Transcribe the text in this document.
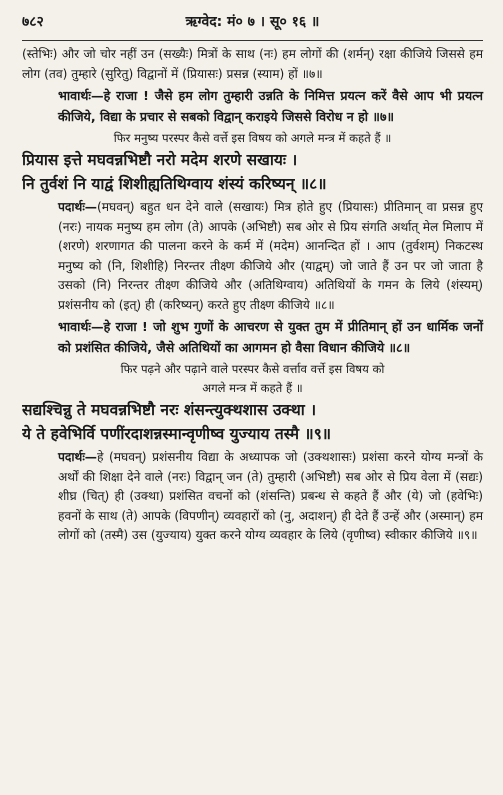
७८२	ऋग्वेद: मं० ७ । सू० १६ ॥

(स्तेभिः) और जो चोर नहीं उन (सख्यैः) मित्रों के साथ (नः) हम लोगों की (शर्मन्) रक्षा कीजिये जिससे हम लोग (तव) तुम्हारे (सुरितु) विद्वानों में (प्रियासः) प्रसन्न (स्याम) हों ॥७॥

भावार्थः—हे राजा ! जैसे हम लोग तुम्हारी उन्नति के निमित्त प्रयत्न करें वैसे आप भी प्रयत्न कीजिये, विद्या के प्रचार से सबको विद्वान् कराइये जिससे विरोध न हो ॥७॥

फिर मनुष्य परस्पर कैसे वर्त्ते इस विषय को अगले मन्त्र में कहते हैं ॥

प्रियास इत्ते मघवन्नभिष्टौ नरो मदेम शरणे सखायः ।

नि तुर्वशं नि याद्वं शिशीह्यतिथिग्वाय शंस्यं करिष्यन् ॥८॥

पदार्थः—(मघवन्) बहुत धन देने वाले (सखायः) मित्र होते हुए (प्रियासः) प्रीतिमान् वा प्रसन्न हुए (नरः) नायक मनुष्य हम लोग (ते) आपके (अभिष्टौ) सब ओर से प्रिय संगति अर्थात् मेल मिलाप में (शरणे) शरणागत की पालना करने के कर्म में (मदेम) आनन्दित हों । आप (तुर्वशम्) निकटस्थ मनुष्य को (नि, शिशीहि) निरन्तर तीक्ष्ण कीजिये और (याद्वम्) जो जाते हैं उन पर जो जाता है उसको (नि) निरन्तर तीक्ष्ण कीजिये और (अतिथिग्वाय) अतिथियों के गमन के लिये (शंस्यम्) प्रशंसनीय को (इत्) ही (करिष्यन्) करते हुए तीक्ष्ण कीजिये ॥८॥

भावार्थः—हे राजा ! जो शुभ गुणों के आचरण से युक्त तुम में प्रीतिमान् हों उन धार्मिक जनों को प्रशंसित कीजिये, जैसे अतिथियों का आगमन हो वैसा विधान कीजिये ॥८॥

फिर पढ़ने और पढ़ाने वाले परस्पर कैसे वर्त्ताव वर्त्ते इस विषय को

अगले मन्त्र में कहते हैं ॥

सद्यश्चिन्नु ते मघवन्नभिष्टौ नरः शंसन्त्युक्थशास उक्था ।

ये ते हवेभिर्वि पणींरदाशन्नस्मान्वृणीष्व युज्याय तस्मै ॥९॥

पदार्थः—हे (मघवन्) प्रशंसनीय विद्या के अध्यापक जो (उक्थशासः) प्रशंसा करने योग्य मन्त्रों के अर्थों की शिक्षा देने वाले (नरः) विद्वान् जन (ते) तुम्हारी (अभिष्टौ) सब ओर से प्रिय वेला में (सद्यः) शीघ्र (चित्) ही (उक्था) प्रशंसित वचनों को (शंसन्ति) प्रबन्ध से कहते हैं और (ये) जो (हवेभिः) हवनों के साथ (ते) आपके (विपणीन्) व्यवहारों को (नु, अदाशन्) ही देते हैं उन्हें और (अस्मान्) हम लोगों को (तस्मै) उस (युज्याय) युक्त करने योग्य व्यवहार के लिये (वृणीष्व) स्वीकार कीजिये ॥९॥
